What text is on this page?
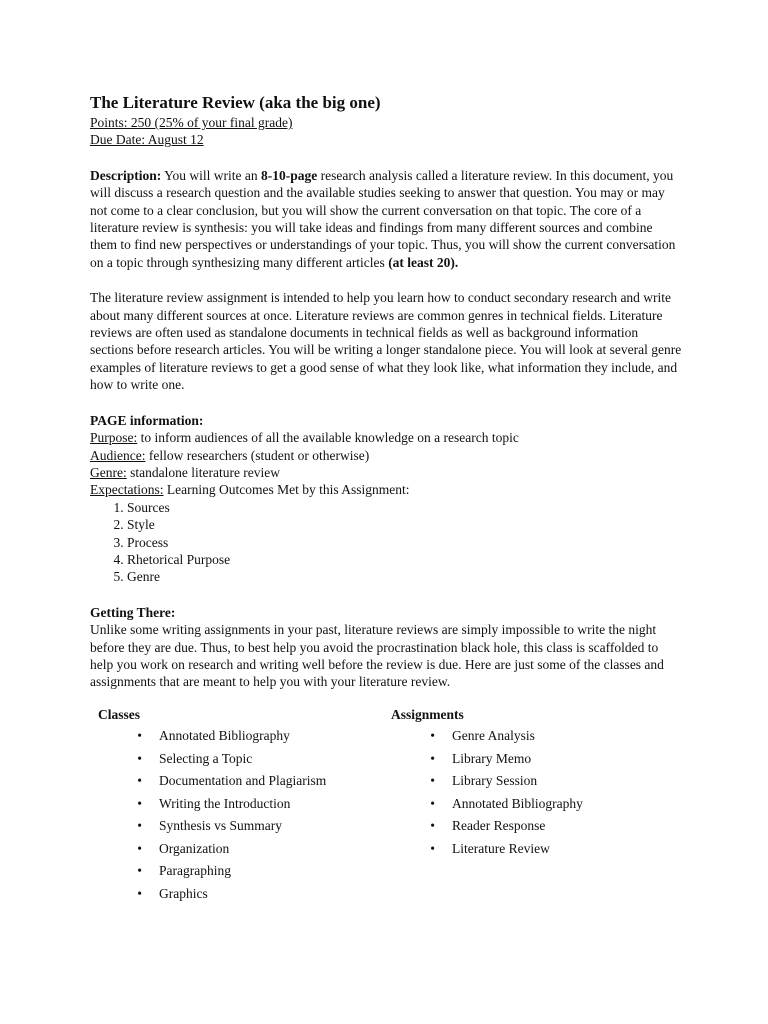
The Literature Review (aka the big one)
Points: 250 (25% of your final grade)
Due Date: August 12

Description: You will write an 8-10-page research analysis called a literature review. In this document, you will discuss a research question and the available studies seeking to answer that question. You may or may not come to a clear conclusion, but you will show the current conversation on that topic. The core of a literature review is synthesis: you will take ideas and findings from many different sources and combine them to find new perspectives or understandings of your topic. Thus, you will show the current conversation on a topic through synthesizing many different articles (at least 20).

The literature review assignment is intended to help you learn how to conduct secondary research and write about many different sources at once. Literature reviews are common genres in technical fields. Literature reviews are often used as standalone documents in technical fields as well as background information sections before research articles. You will be writing a longer standalone piece. You will look at several genre examples of literature reviews to get a good sense of what they look like, what information they include, and how to write one.

PAGE information:
Purpose: to inform audiences of all the available knowledge on a research topic
Audience: fellow researchers (student or otherwise)
Genre: standalone literature review
Expectations: Learning Outcomes Met by this Assignment:
1. Sources
2. Style
3. Process
4. Rhetorical Purpose
5. Genre
Getting There:

Unlike some writing assignments in your past, literature reviews are simply impossible to write the night before they are due. Thus, to best help you avoid the procrastination black hole, this class is scaffolded to help you work on research and writing well before the review is due. Here are just some of the classes and assignments that are meant to help you with your literature review.

Classes
• Annotated Bibliography
• Selecting a Topic
• Documentation and Plagiarism
• Writing the Introduction
• Synthesis vs Summary
• Organization
• Paragraphing
• Graphics
Assignments
• Genre Analysis
• Library Memo
• Library Session
• Annotated Bibliography
• Reader Response
• Literature Review
